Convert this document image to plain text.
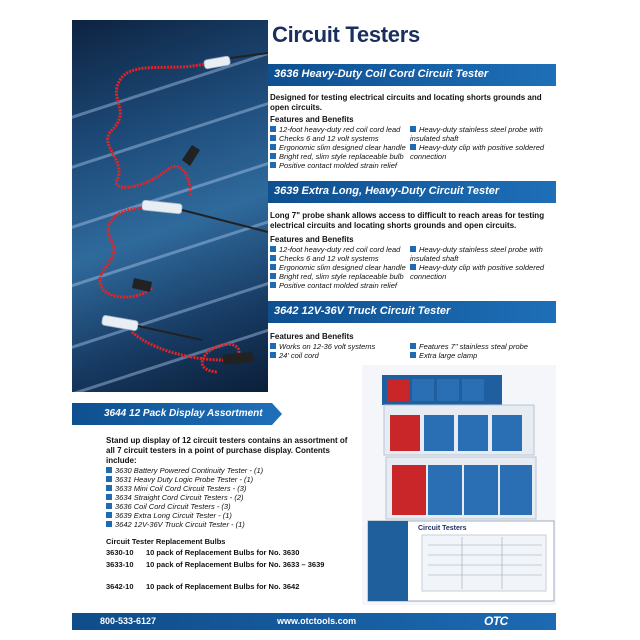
Circuit Testers
3636 Heavy-Duty Coil Cord Circuit Tester
Designed for testing electrical circuits and locating shorts grounds and open circuits.
Features and Benefits
12-foot heavy-duty red coil cord lead
Checks 6 and 12 volt systems
Ergonomic slim designed clear handle
Bright red, slim style replaceable bulb
Positive contact molded strain relief
Heavy-duty stainless steel probe with insulated shaft
Heavy-duty clip with positive soldered connection
3639 Extra Long, Heavy-Duty Circuit Tester
Long 7" probe shank allows access to difficult to reach areas for testing electrical circuits and locating shorts grounds and open circuits.
Features and Benefits
12-foot heavy-duty red coil cord lead
Checks 6 and 12 volt systems
Ergonomic slim designed clear handle
Bright red, slim style replaceable bulb
Positive contact molded strain relief
Heavy-duty stainless steel probe with insulated shaft
Heavy-duty clip with positive soldered connection
3642 12V-36V Truck Circuit Tester
Features and Benefits
Works on 12-36 volt systems
24' coil cord
Features 7" stainless steal probe
Extra large clamp
3644 12 Pack Display Assortment
Stand up display of 12 circuit testers contains an assortment of all 7 circuit testers in a point of purchase display. Contents include:
3630 Battery Powered Continuity Tester - (1)
3631 Heavy Duty Logic Probe Tester - (1)
3633 Mini Coil Cord Circuit Testers - (3)
3634 Straight Cord Circuit Testers - (2)
3636 Coil Cord Circuit Testers - (3)
3639 Extra Long Circuit Tester - (1)
3642 12V-36V Truck Circuit Tester - (1)
Circuit Tester Replacement Bulbs
3630-10 10 pack of Replacement Bulbs for No. 3630
3633-10 10 pack of Replacement Bulbs for No. 3633 – 3639
3642-10 10 pack of Replacement Bulbs for No. 3642
Circuit Testers
800-533-6127	www.otctools.com	OTC
